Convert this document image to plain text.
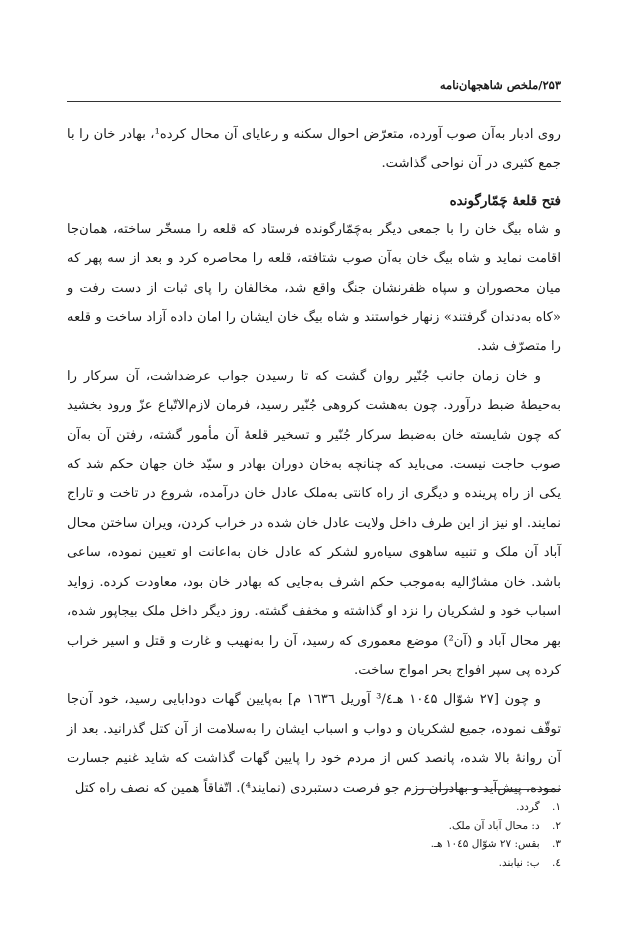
۲۵۳/ملخص شاهجهان‌نامه

روی ادبار به‌آن صوب آورده، متعرّض احوال سکنه و رعایای آن محال کرده¹، بهادر خان را با جمع کثیری در آن نواحی گذاشت.

فتح قلعهٔ چَمّارگونده

و شاه بیگ خان را با جمعی دیگر به‌چَمّارگونده فرستاد که قلعه را مسخّر ساخته، همان‌جا اقامت نماید و شاه بیگ خان به‌آن صوب شتافته، قلعه را محاصره کرد و بعد از سه پهر که میان محصوران و سپاه ظفرنشان جنگ واقع شد، مخالفان را پای ثبات از دست رفت و «کاه به‌دندان گرفتند» زنهار خواستند و شاه بیگ خان ایشان را امان داده آزاد ساخت و قلعه را متصرّف شد.

و خان زمان جانب جُنّیر روان گشت که تا رسیدن جواب عرضداشت، آن سرکار را به‌حیطهٔ ضبط درآورد. چون به‌هشت کروهی جُنّیر رسید، فرمان لازم‌الاتّباع عزّ ورود بخشید که چون شایسته خان به‌ضبط سرکار جُنّیر و تسخیر قلعهٔ آن مأمور گشته، رفتن آن به‌آن صوب حاجت نیست. می‌باید که چنانچه به‌خان دوران بهادر و سیّد خان جهان حکم شد که یکی از راه پرینده و دیگری از راه کانتی به‌ملک عادل خان درآمده، شروع در تاخت و تاراج نمایند. او نیز از این طرف داخل ولایت عادل خان شده در خراب کردن، ویران ساختن محال آباد آن ملک و تنبیه ساهوی سیاه‌رو لشکر که عادل خان به‌اعانت او تعیین نموده، ساعی باشد. خان مشارٌالیه به‌موجب حکم اشرف به‌جایی که بهادر خان بود، معاودت کرده. زواید اسباب خود و لشکریان را نزد او گذاشته و مخفف گشته. روز دیگر داخل ملک بیجاپور شده، بهر محال آباد و (آن²) موضع معموری که رسید، آن را به‌نهیب و غارت و قتل و اسیر خراب کرده پی سپر افواج بحر امواج ساخت.

و چون [۲۷ شوّال ۱۰٤۵ هـ³/٤ آوریل ۱٦۳٦ م] به‌پایین گهات دودابایی رسید، خود آن‌جا توقّف نموده، جمیع لشکریان و دواب و اسباب ایشان را به‌سلامت از آن کتل گذرانید. بعد از آن روانهٔ بالا شده، پانصد کس از مردم خود را پایین گهات گذاشت که شاید غنیم جسارت نموده، پیش‌آید و بهادران رزم جو فرصت دستبردی (نمایند⁴). اتّفاقاً همین که نصف راه کتل

۱. گردد.
۲. د: محال آباد آن ملک.
۳. بقس: ۲۷ شوّال ۱۰٤۵ هـ.
٤. ب: نیابند.
